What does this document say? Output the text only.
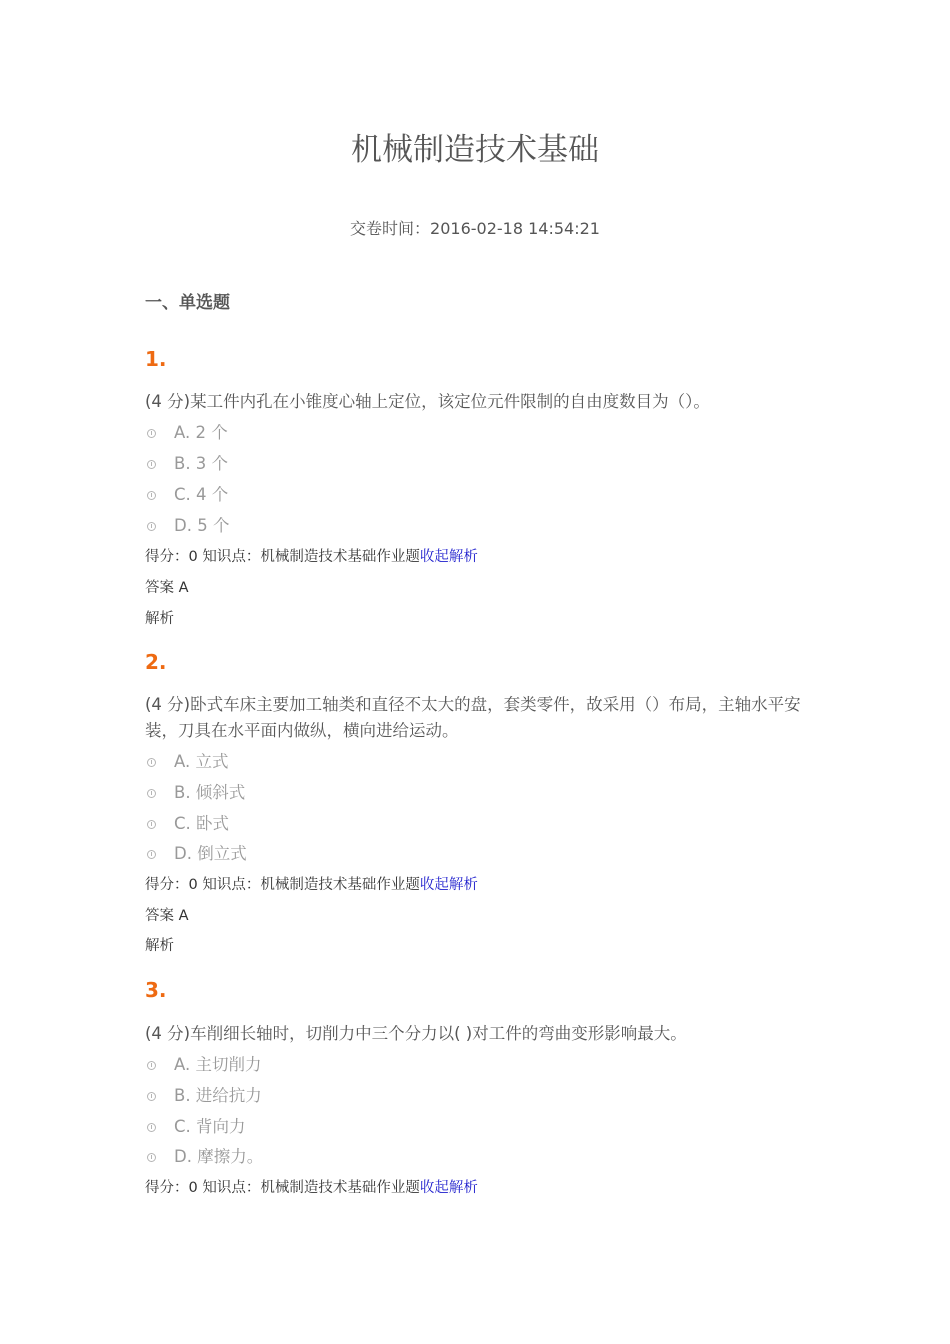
机械制造技术基础
交卷时间：2016-02-18 14:54:21
一、单选题
1.
(4 分)某工件内孔在小锥度心轴上定位，该定位元件限制的自由度数目为（）。
A. 2 个
B. 3 个
C. 4 个
D. 5 个
得分：0 知识点：机械制造技术基础作业题收起解析
答案 A
解析
2.
(4 分)卧式车床主要加工轴类和直径不太大的盘，套类零件，故采用（）布局，主轴水平安装，刀具在水平面内做纵，横向进给运动。
A. 立式
B. 倾斜式
C. 卧式
D. 倒立式
得分：0 知识点：机械制造技术基础作业题收起解析
答案 A
解析
3.
(4 分)车削细长轴时，切削力中三个分力以( )对工件的弯曲变形影响最大。
A. 主切削力
B. 进给抗力
C. 背向力
D. 摩擦力。
得分：0 知识点：机械制造技术基础作业题收起解析
